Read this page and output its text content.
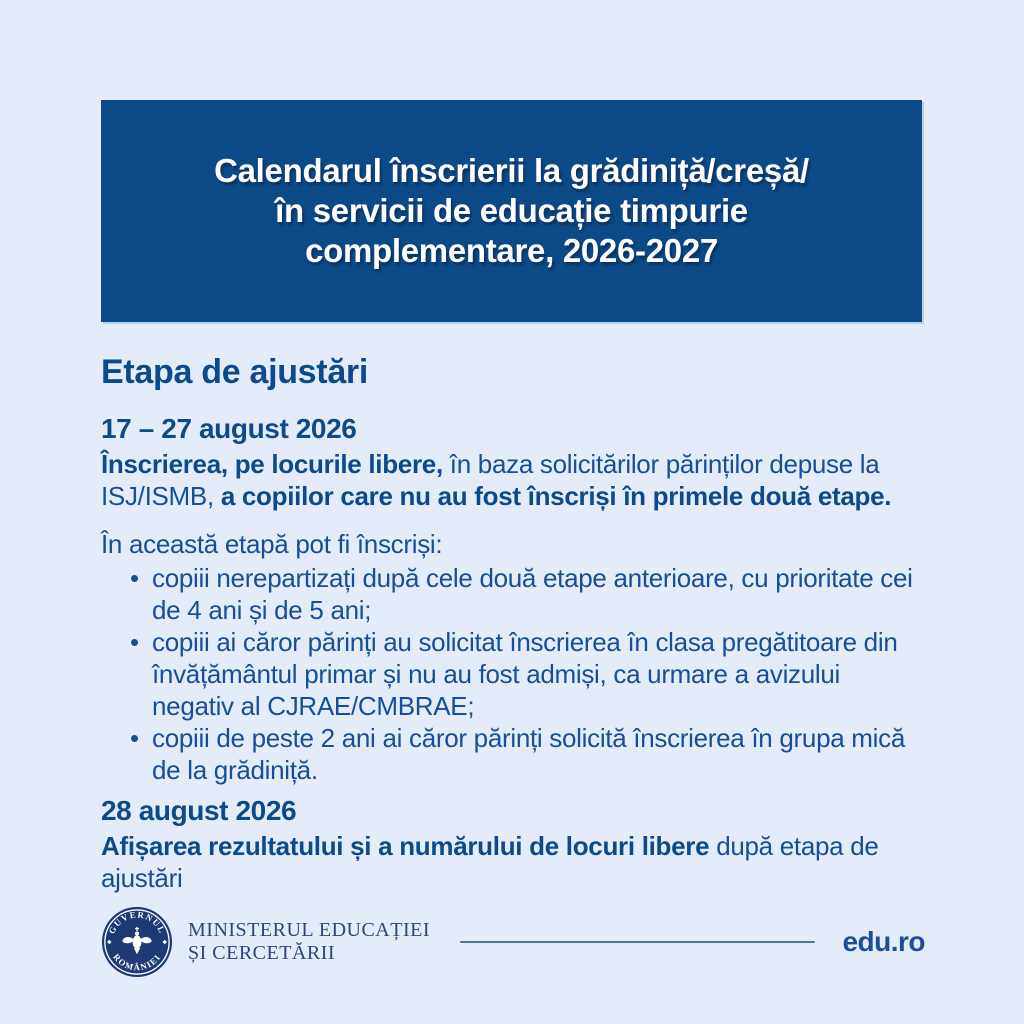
Calendarul înscrierii la grădiniță/creșă/
în servicii de educație timpurie
complementare, 2026-2027
Etapa de ajustări
17 – 27 august 2026

Înscrierea, pe locurile libere, în baza solicitărilor părinților depuse la ISJ/ISMB, a copiilor care nu au fost înscriși în primele două etape.

În această etapă pot fi înscriși:

• copiii nerepartizați după cele două etape anterioare, cu prioritate cei de 4 ani și de 5 ani;
• copiii ai căror părinți au solicitat înscrierea în clasa pregătitoare din învățământul primar și nu au fost admiși, ca urmare a avizului negativ al CJRAE/CMBRAE;
• copiii de peste 2 ani ai căror părinți solicită înscrierea în grupa mică de la grădiniță.
28 august 2026

Afișarea rezultatului și a numărului de locuri libere după etapa de ajustări

GUVERNUL
ROMÂNIEI
MINISTERUL EDUCAȚIEI
ȘI CERCETĂRII	edu.ro
